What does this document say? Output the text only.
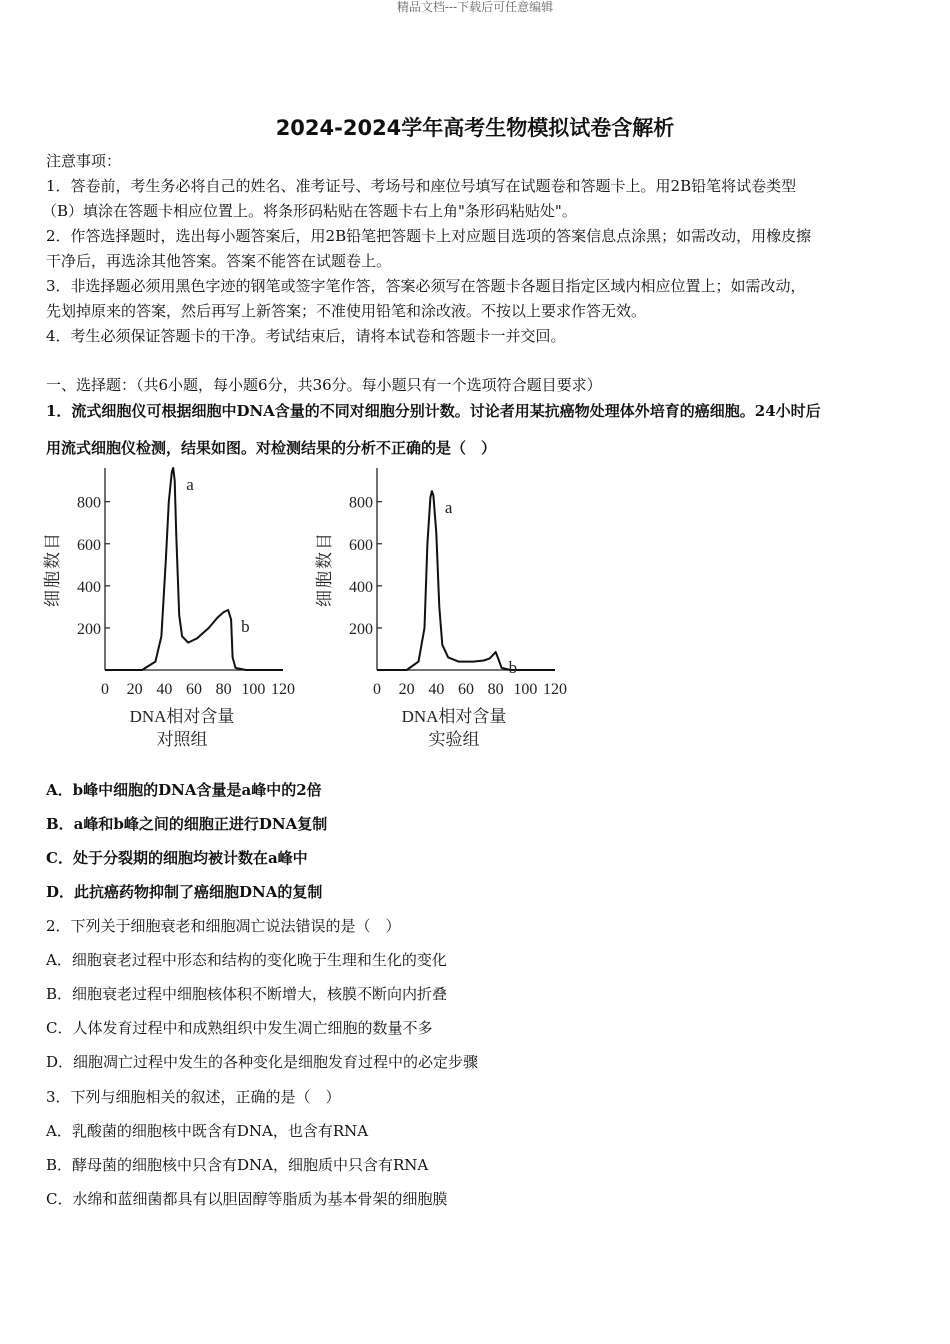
精品文档---下载后可任意编辑
2024-2024学年高考生物模拟试卷含解析
注意事项：
1．答卷前，考生务必将自己的姓名、准考证号、考场号和座位号填写在试题卷和答题卡上。用2B铅笔将试卷类型
（B）填涂在答题卡相应位置上。将条形码粘贴在答题卡右上角"条形码粘贴处"。
2．作答选择题时，选出每小题答案后，用2B铅笔把答题卡上对应题目选项的答案信息点涂黑；如需改动，用橡皮擦
干净后，再选涂其他答案。答案不能答在试题卷上。
3．非选择题必须用黑色字迹的钢笔或签字笔作答，答案必须写在答题卡各题目指定区域内相应位置上；如需改动，
先划掉原来的答案，然后再写上新答案；不准使用铅笔和涂改液。不按以上要求作答无效。
4．考生必须保证答题卡的干净。考试结束后，请将本试卷和答题卡一并交回。
一、选择题：（共6小题，每小题6分，共36分。每小题只有一个选项符合题目要求）
1．流式细胞仪可根据细胞中DNA含量的不同对细胞分别计数。讨论者用某抗癌物处理体外培育的癌细胞。24小时后
用流式细胞仪检测，结果如图。对检测结果的分析不正确的是（　）
200
400
600
800
0 20 40 60 80 100 120
细胞数目
a
b
DNA相对含量
对照组
200
400
600
800
0 20 40 60 80 100 120
细胞数目
a
b
DNA相对含量
实验组
A．b峰中细胞的DNA含量是a峰中的2倍
B．a峰和b峰之间的细胞正进行DNA复制
C．处于分裂期的细胞均被计数在a峰中
D．此抗癌药物抑制了癌细胞DNA的复制
2．下列关于细胞衰老和细胞凋亡说法错误的是（　）
A．细胞衰老过程中形态和结构的变化晚于生理和生化的变化
B．细胞衰老过程中细胞核体积不断增大，核膜不断向内折叠
C．人体发育过程中和成熟组织中发生凋亡细胞的数量不多
D．细胞凋亡过程中发生的各种变化是细胞发育过程中的必定步骤
3．下列与细胞相关的叙述，正确的是（　）
A．乳酸菌的细胞核中既含有DNA，也含有RNA
B．酵母菌的细胞核中只含有DNA，细胞质中只含有RNA
C．水绵和蓝细菌都具有以胆固醇等脂质为基本骨架的细胞膜
